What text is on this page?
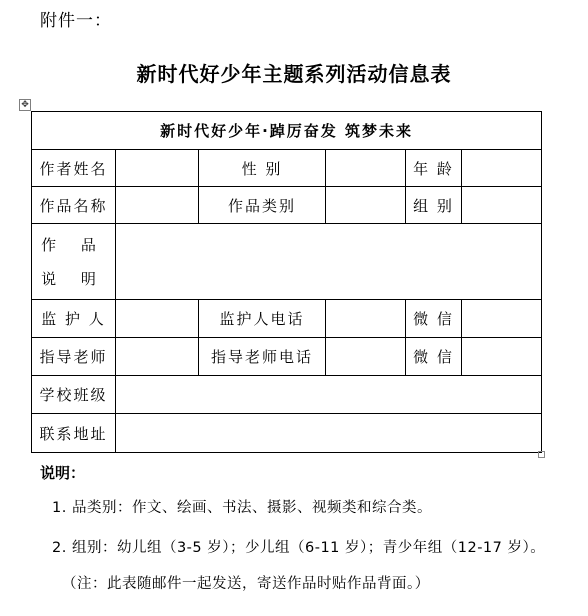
附件一：
新时代好少年主题系列活动信息表
✥
新时代好少年·踔厉奋发 筑梦未来					
作者姓名		性 别		年 龄	
作品名称		作品类别		组 别	

作 品
说 明					

监 护 人		监护人电话		微 信	
指导老师		指导老师电话		微 信	
学校班级					
联系地址					
说明：
1. 品类别：作文、绘画、书法、摄影、视频类和综合类。
2. 组别：幼儿组（3-5 岁）；少儿组（6-11 岁）；青少年组（12-17 岁）。
（注：此表随邮件一起发送，寄送作品时贴作品背面。）
